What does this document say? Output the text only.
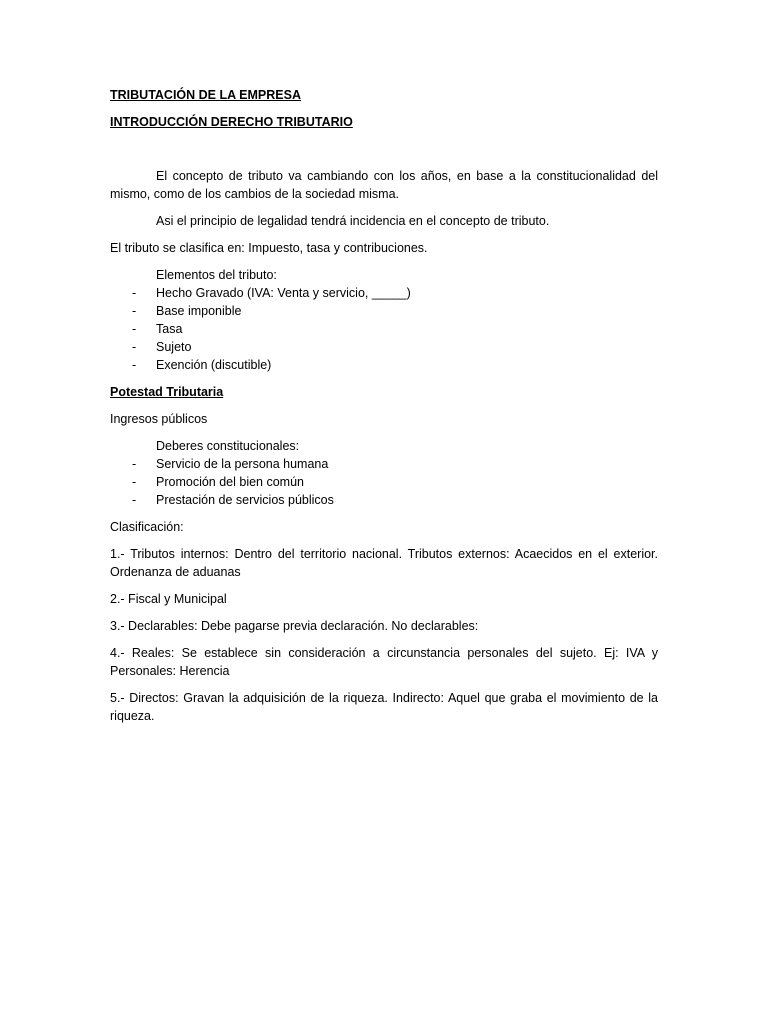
TRIBUTACIÓN DE LA EMPRESA

INTRODUCCIÓN DERECHO TRIBUTARIO

El concepto de tributo va cambiando con los años, en base a la constitucionalidad del mismo, como de los cambios de la sociedad misma.

Asi el principio de legalidad tendrá incidencia en el concepto de tributo.

El tributo se clasifica en: Impuesto, tasa y contribuciones.

Elementos del tributo:

- Hecho Gravado (IVA: Venta y servicio, _____)
- Base imponible
- Tasa
- Sujeto
- Exención (discutible)

Potestad Tributaria

Ingresos públicos

Deberes constitucionales:

- Servicio de la persona humana
- Promoción del bien común
- Prestación de servicios públicos

Clasificación:

1.- Tributos internos: Dentro del territorio nacional. Tributos externos: Acaecidos en el exterior. Ordenanza de aduanas

2.- Fiscal y Municipal

3.- Declarables: Debe pagarse previa declaración. No declarables:

4.- Reales: Se establece sin consideración a circunstancia personales del sujeto. Ej: IVA y Personales: Herencia

5.- Directos: Gravan la adquisición de la riqueza. Indirecto: Aquel que graba el movimiento de la riqueza.
